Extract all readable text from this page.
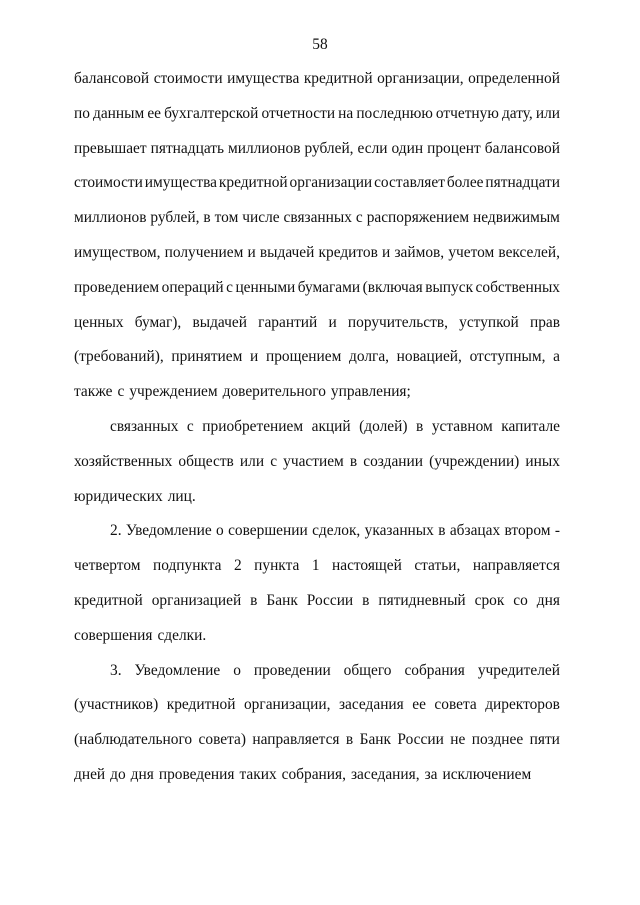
58
балансовой стоимости имущества кредитной организации, определенной
по данным ее бухгалтерской отчетности на последнюю отчетную дату, или
превышает пятнадцать миллионов рублей, если один процент балансовой
стоимости имущества кредитной организации составляет более пятнадцати
миллионов рублей, в том числе связанных с распоряжением недвижимым
имуществом, получением и выдачей кредитов и займов, учетом векселей,
проведением операций с ценными бумагами (включая выпуск собственных
ценных бумаг), выдачей гарантий и поручительств, уступкой прав
(требований), принятием и прощением долга, новацией, отступным, а
также с учреждением доверительного управления;
связанных с приобретением акций (долей) в уставном капитале
хозяйственных обществ или с участием в создании (учреждении) иных
юридических лиц.
2. Уведомление о совершении сделок, указанных в абзацах втором -
четвертом подпункта 2 пункта 1 настоящей статьи, направляется
кредитной организацией в Банк России в пятидневный срок со дня
совершения сделки.
3. Уведомление о проведении общего собрания учредителей
(участников) кредитной организации, заседания ее совета директоров
(наблюдательного совета) направляется в Банк России не позднее пяти
дней до дня проведения таких собрания, заседания, за исключением
